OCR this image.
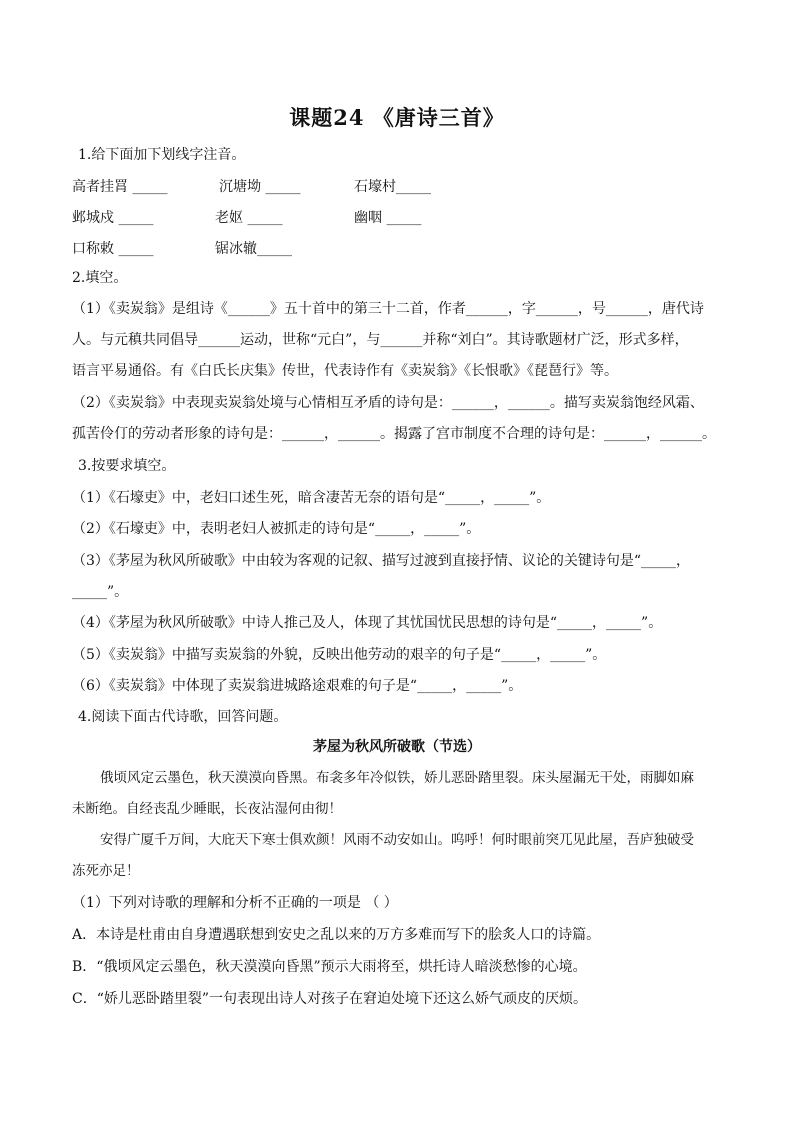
课题24 《唐诗三首》
1.给下面加下划线字注音。
高者挂罥 _____	沉塘坳 _____	石壕村_____
邺城戍 _____	老妪 _____	幽咽 _____
口称敕 _____	锯冰辙_____
2.填空。
（1）《卖炭翁》是组诗《______》五十首中的第三十二首，作者______，字______，号______，唐代诗
人。与元稹共同倡导______运动，世称“元白”，与______并称“刘白”。其诗歌题材广泛，形式多样，
语言平易通俗。有《白氏长庆集》传世，代表诗作有《卖炭翁》《长恨歌》《琵琶行》等。
（2）《卖炭翁》中表现卖炭翁处境与心情相互矛盾的诗句是：______，______。描写卖炭翁饱经风霜、
孤苦伶仃的劳动者形象的诗句是：______，______。揭露了宫市制度不合理的诗句是：______，______。
3.按要求填空。
（1）《石壕吏》中，老妇口述生死，暗含凄苦无奈的语句是“_____，_____”。
（2）《石壕吏》中，表明老妇人被抓走的诗句是“_____，_____”。
（3）《茅屋为秋风所破歌》中由较为客观的记叙、描写过渡到直接抒情、议论的关键诗句是“_____，
_____”。
（4）《茅屋为秋风所破歌》中诗人推己及人，体现了其忧国忧民思想的诗句是“_____，_____”。
（5）《卖炭翁》中描写卖炭翁的外貌，反映出他劳动的艰辛的句子是“_____，_____”。
（6）《卖炭翁》中体现了卖炭翁进城路途艰难的句子是“_____，_____”。
4.阅读下面古代诗歌，回答问题。
茅屋为秋风所破歌（节选）
俄顷风定云墨色，秋天漠漠向昏黑。布衾多年冷似铁，娇儿恶卧踏里裂。床头屋漏无干处，雨脚如麻
未断绝。自经丧乱少睡眠，长夜沾湿何由彻！
安得广厦千万间，大庇天下寒士俱欢颜！风雨不动安如山。呜呼！何时眼前突兀见此屋，吾庐独破受
冻死亦足！
（1）下列对诗歌的理解和分析不正确的一项是 （ ）
A．本诗是杜甫由自身遭遇联想到安史之乱以来的万方多难而写下的脍炙人口的诗篇。
B．“俄顷风定云墨色，秋天漠漠向昏黑”预示大雨将至，烘托诗人暗淡愁惨的心境。
C．“娇儿恶卧踏里裂”一句表现出诗人对孩子在窘迫处境下还这么娇气顽皮的厌烦。
